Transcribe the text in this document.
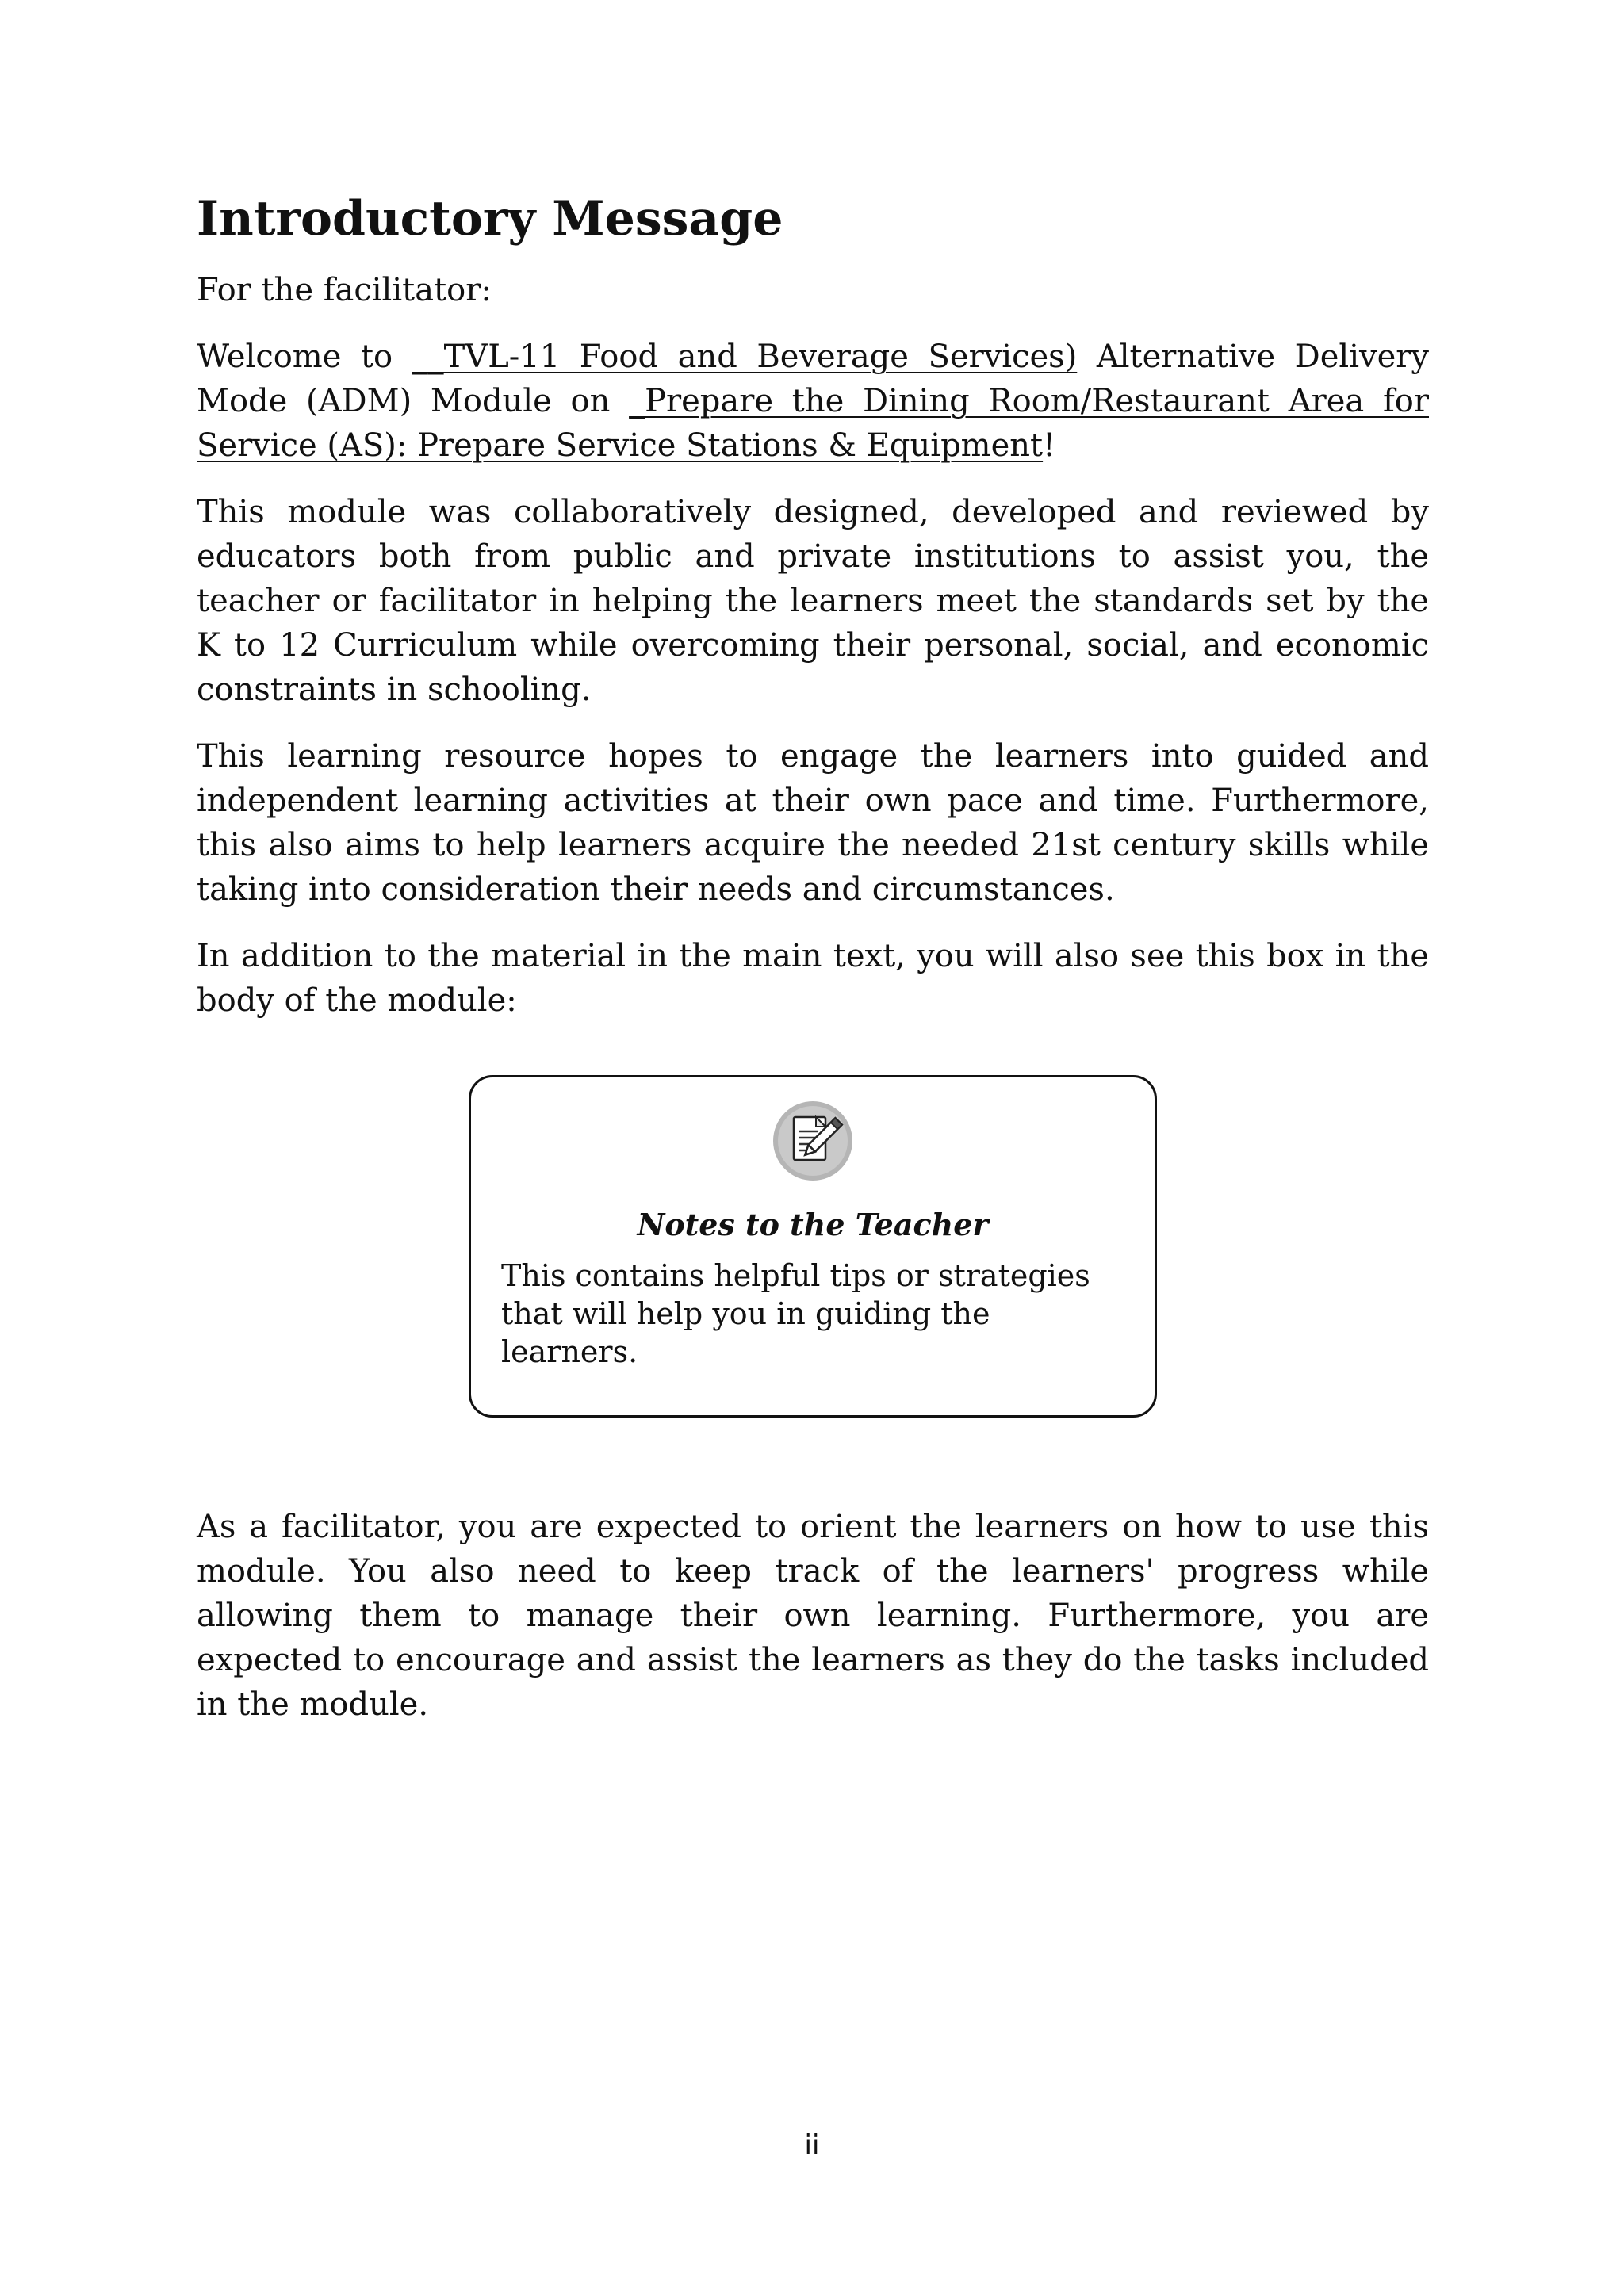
Introductory Message

For the facilitator:

Welcome to __TVL-11 Food and Beverage Services) Alternative Delivery Mode (ADM) Module on _Prepare the Dining Room/Restaurant Area for Service (AS): Prepare Service Stations & Equipment!

This module was collaboratively designed, developed and reviewed by educators both from public and private institutions to assist you, the teacher or facilitator in helping the learners meet the standards set by the K to 12 Curriculum while overcoming their personal, social, and economic constraints in schooling.

This learning resource hopes to engage the learners into guided and independent learning activities at their own pace and time. Furthermore, this also aims to help learners acquire the needed 21st century skills while taking into consideration their needs and circumstances.

In addition to the material in the main text, you will also see this box in the body of the module:

Notes to the Teacher
This contains helpful tips or strategies that will help you in guiding the learners.

As a facilitator, you are expected to orient the learners on how to use this module. You also need to keep track of the learners' progress while allowing them to manage their own learning. Furthermore, you are expected to encourage and assist the learners as they do the tasks included in the module.

ii
